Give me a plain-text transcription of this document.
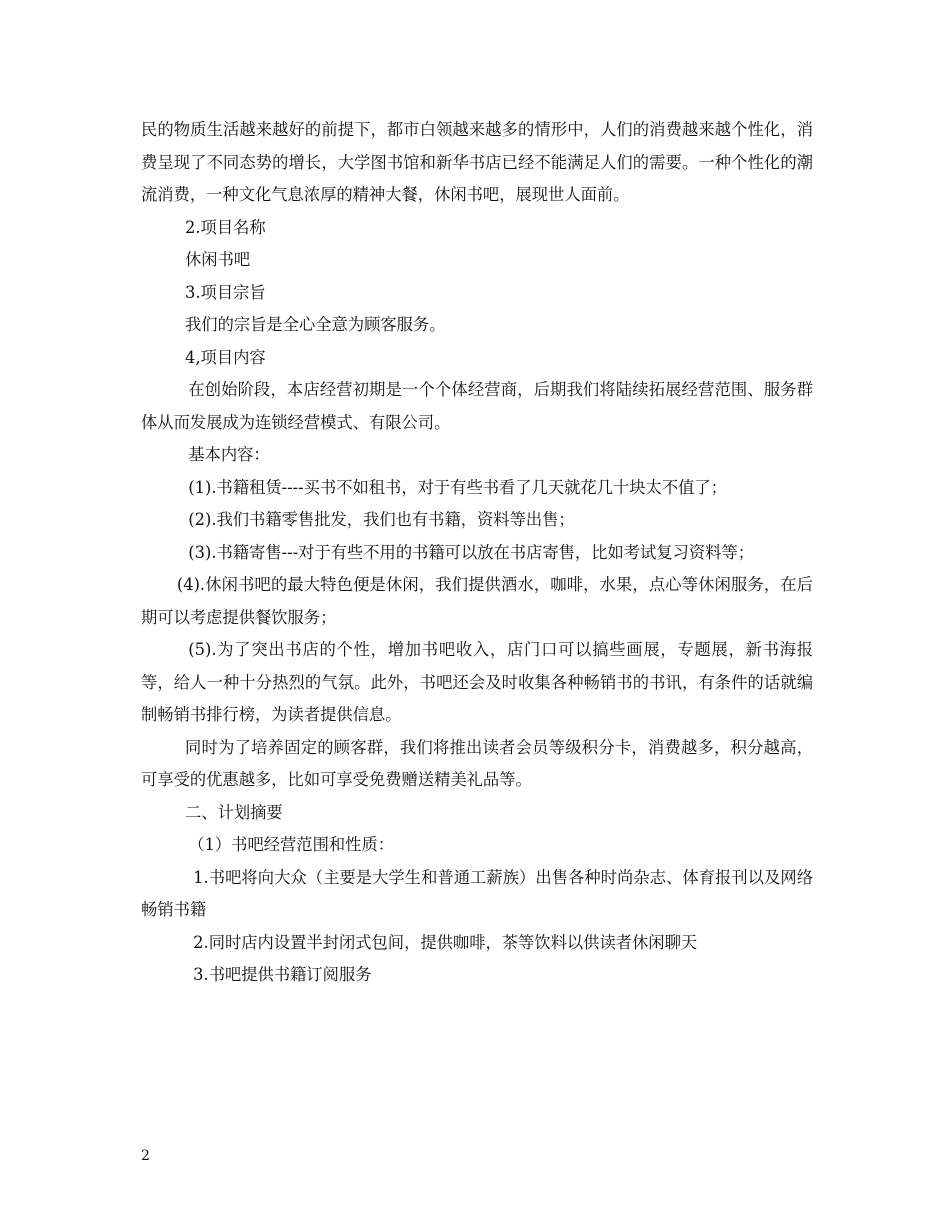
民的物质生活越来越好的前提下，都市白领越来越多的情形中，人们的消费越来越个性化，消费呈现了不同态势的增长，大学图书馆和新华书店已经不能满足人们的需要。一种个性化的潮流消费，一种文化气息浓厚的精神大餐，休闲书吧，展现世人面前。

2.项目名称

休闲书吧

3.项目宗旨

我们的宗旨是全心全意为顾客服务。

4,项目内容

在创始阶段，本店经营初期是一个个体经营商，后期我们将陆续拓展经营范围、服务群体从而发展成为连锁经营模式、有限公司。

基本内容：

(1).书籍租赁----买书不如租书，对于有些书看了几天就花几十块太不值了；

(2).我们书籍零售批发，我们也有书籍，资料等出售；

(3).书籍寄售---对于有些不用的书籍可以放在书店寄售，比如考试复习资料等；

(4).休闲书吧的最大特色便是休闲，我们提供酒水，咖啡，水果，点心等休闲服务，在后期可以考虑提供餐饮服务；

(5).为了突出书店的个性，增加书吧收入，店门口可以搞些画展，专题展，新书海报等，给人一种十分热烈的气氛。此外，书吧还会及时收集各种畅销书的书讯，有条件的话就编制畅销书排行榜，为读者提供信息。

同时为了培养固定的顾客群，我们将推出读者会员等级积分卡，消费越多，积分越高，可享受的优惠越多，比如可享受免费赠送精美礼品等。

二、计划摘要

（1）书吧经营范围和性质：

1.书吧将向大众（主要是大学生和普通工薪族）出售各种时尚杂志、体育报刊以及网络畅销书籍

2.同时店内设置半封闭式包间，提供咖啡，茶等饮料以供读者休闲聊天

3.书吧提供书籍订阅服务

2
